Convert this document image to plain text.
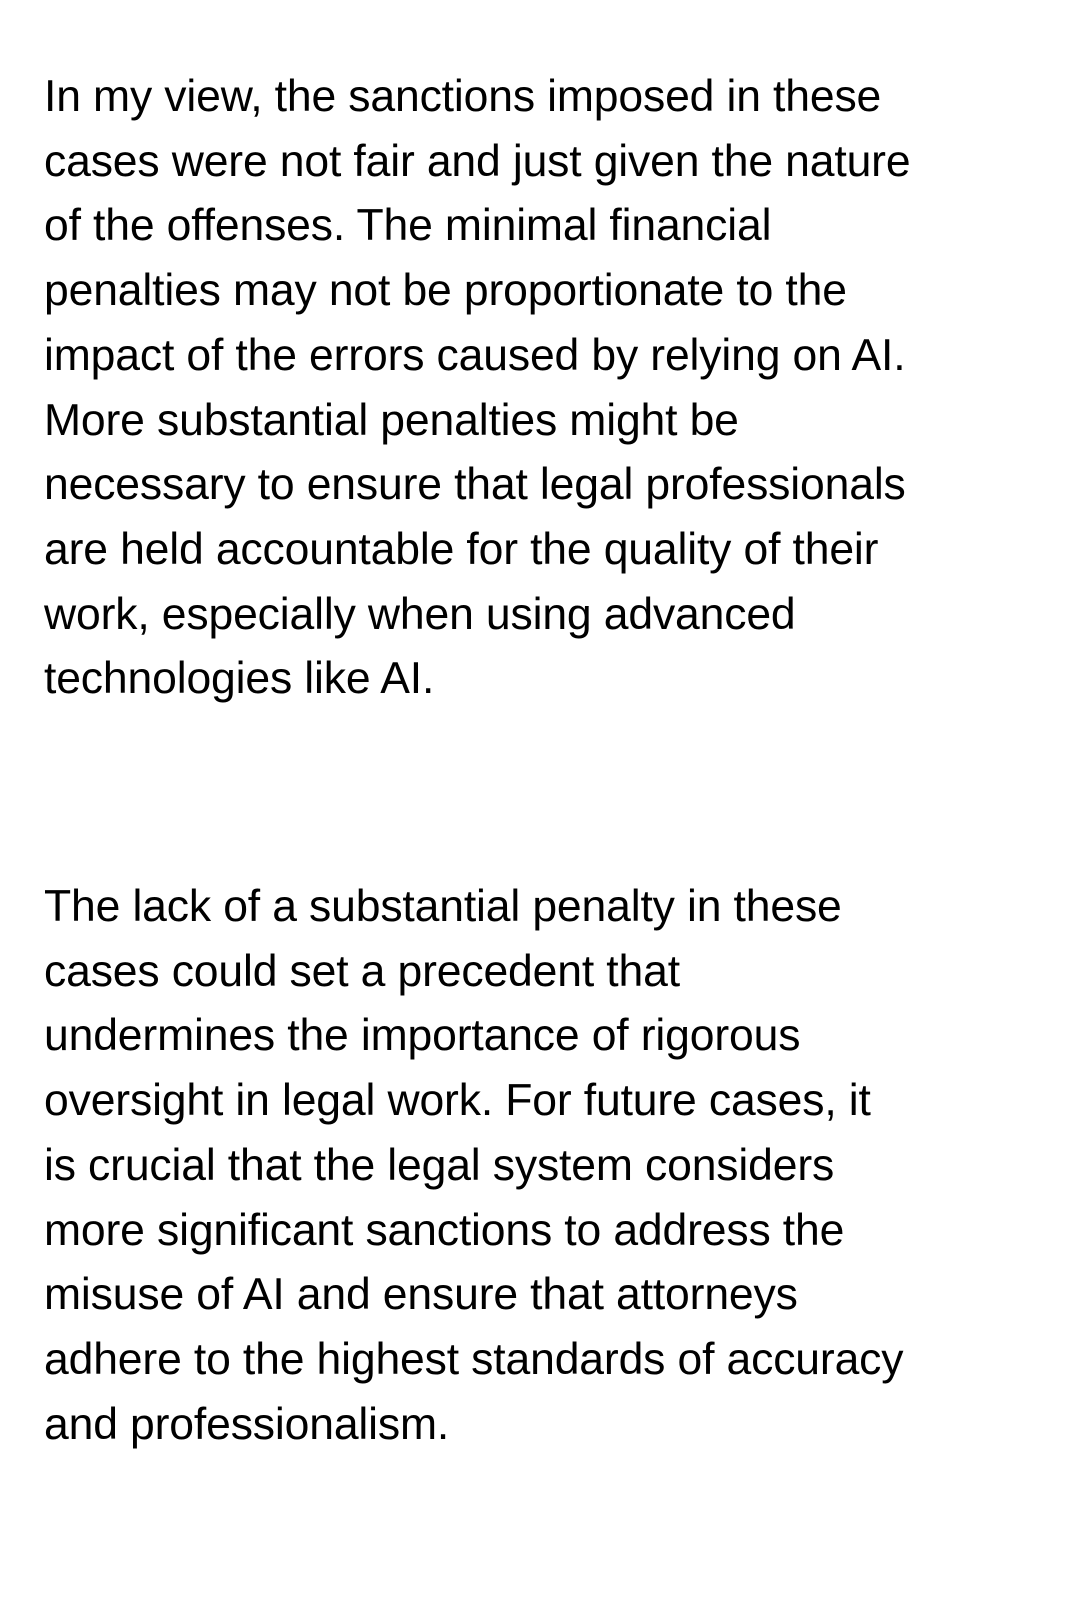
In my view, the sanctions imposed in these
cases were not fair and just given the nature
of the offenses. The minimal financial
penalties may not be proportionate to the
impact of the errors caused by relying on AI.
More substantial penalties might be
necessary to ensure that legal professionals
are held accountable for the quality of their
work, especially when using advanced
technologies like AI.

The lack of a substantial penalty in these
cases could set a precedent that
undermines the importance of rigorous
oversight in legal work. For future cases, it
is crucial that the legal system considers
more significant sanctions to address the
misuse of AI and ensure that attorneys
adhere to the highest standards of accuracy
and professionalism.
